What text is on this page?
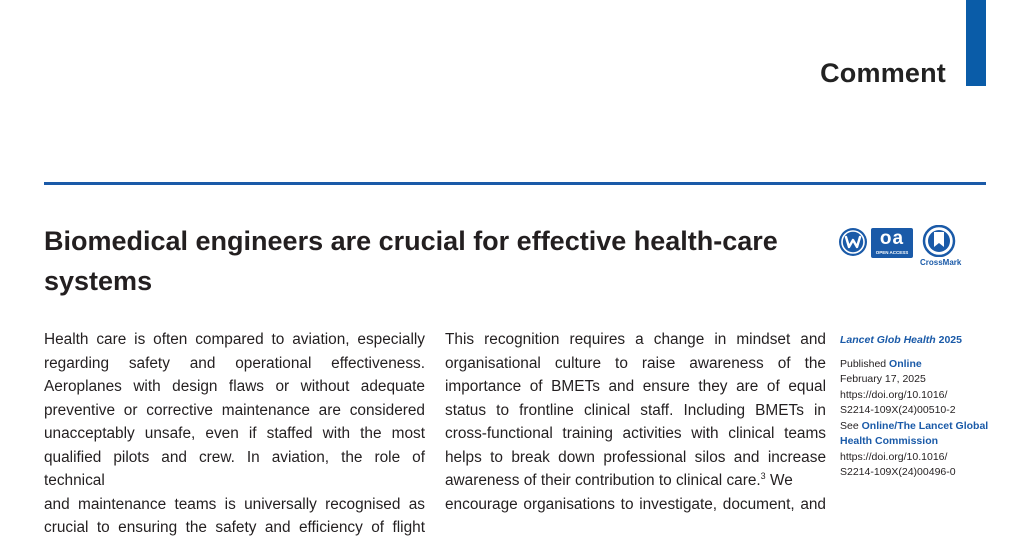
Comment
Biomedical engineers are crucial for effective health-care
systems
oa
OPEN ACCESS
CrossMark
Health care is often compared to aviation, especially
regarding safety and operational effectiveness.
Aeroplanes with design flaws or without adequate
preventive or corrective maintenance are considered
unacceptably unsafe, even if staffed with the most
qualified pilots and crew. In aviation, the role of technical
and maintenance teams is universally recognised as
crucial to ensuring the safety and efficiency of flight
This recognition requires a change in mindset and
organisational culture to raise awareness of the
importance of BMETs and ensure they are of equal
status to frontline clinical staff. Including BMETs in
cross-functional training activities with clinical teams
helps to break down professional silos and increase
awareness of their contribution to clinical care.$^3$ We
encourage organisations to investigate, document, and
Lancet Glob Health 2025
Published Online
February 17, 2025
https://doi.org/10.1016/
S2214-109X(24)00510-2
See Online/The Lancet Global
Health Commission
https://doi.org/10.1016/
S2214-109X(24)00496-0
